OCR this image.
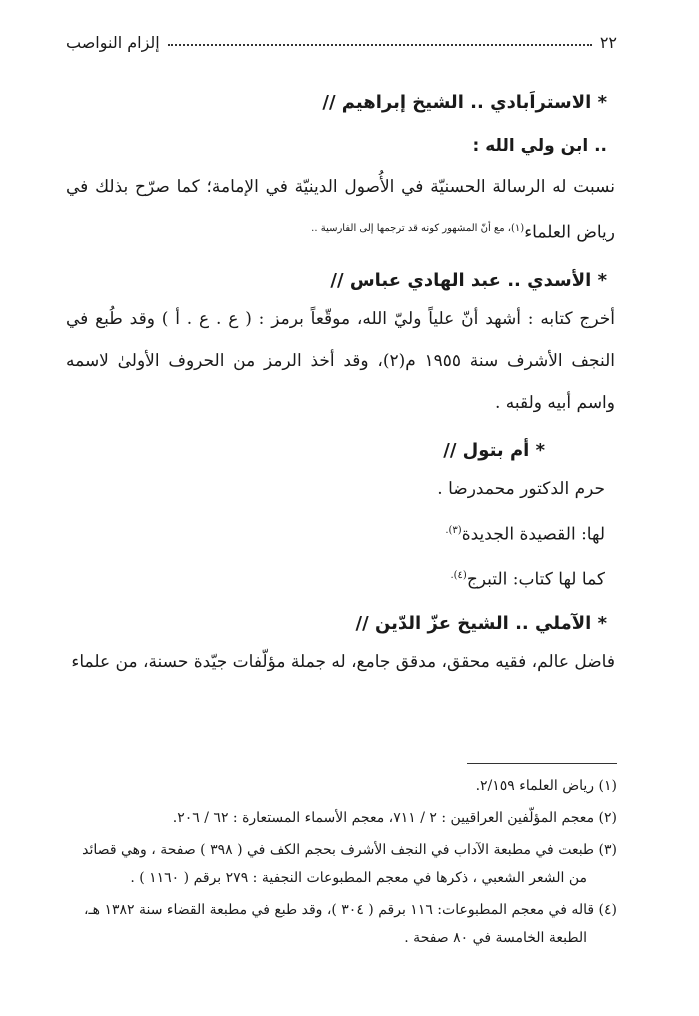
٢٢
إلزام النواصب

* الاستراَبادي .. الشيخ إبراهيم //

.. ابن ولي الله :

نسبت له الرسالة الحسنيّة في الأُصول الدينيّة في الإمامة؛ كما صرّح بذلك في رياض العلماء$^{(١)، مع أنّ المشهور كونه قد ترجمها إلى الفارسية ..}$

* الأسدي .. عبد الهادي عباس //

أخرج كتابه : أشهد أنّ علياً وليّ الله، موقّعاً برمز : ( ع . ع . أ ) وقد طُبع في النجف الأشرف سنة ١٩٥٥ م(٢)، وقد أخذ الرمز من الحروف الأولىٰ لاسمه واسم أبيه ولقبه .

* أم بتول //

حرم الدكتور محمدرضا .

لها: القصيدة الجديدة$^{(٣).}$

كما لها كتاب: التبرج$^{(٤).}$

* الآملي .. الشيخ عزّ الدّين //

فاضل عالم، فقيه محقق، مدقق جامع، له جملة مؤلّفات جيّدة حسنة، من علماء

(١) رياض العلماء ٢/١٥٩.

(٢) معجم المؤلّفين العراقيين : ٢ / ٧١١، معجم الأسماء المستعارة : ٦٢ / ٢٠٦.

(٣) طبعت في مطبعة الآداب في النجف الأشرف بحجم الكف في ( ٣٩٨ ) صفحة ، وهي قصائد
من الشعر الشعبي ، ذكرها في معجم المطبوعات النجفية : ٢٧٩ برقم ( ١١٦٠ ) .

(٤) قاله في معجم المطبوعات: ١١٦ برقم ( ٣٠٤ )، وقد طبع في مطبعة القضاء سنة ١٣٨٢ هـ،
الطبعة الخامسة في ٨٠ صفحة .
